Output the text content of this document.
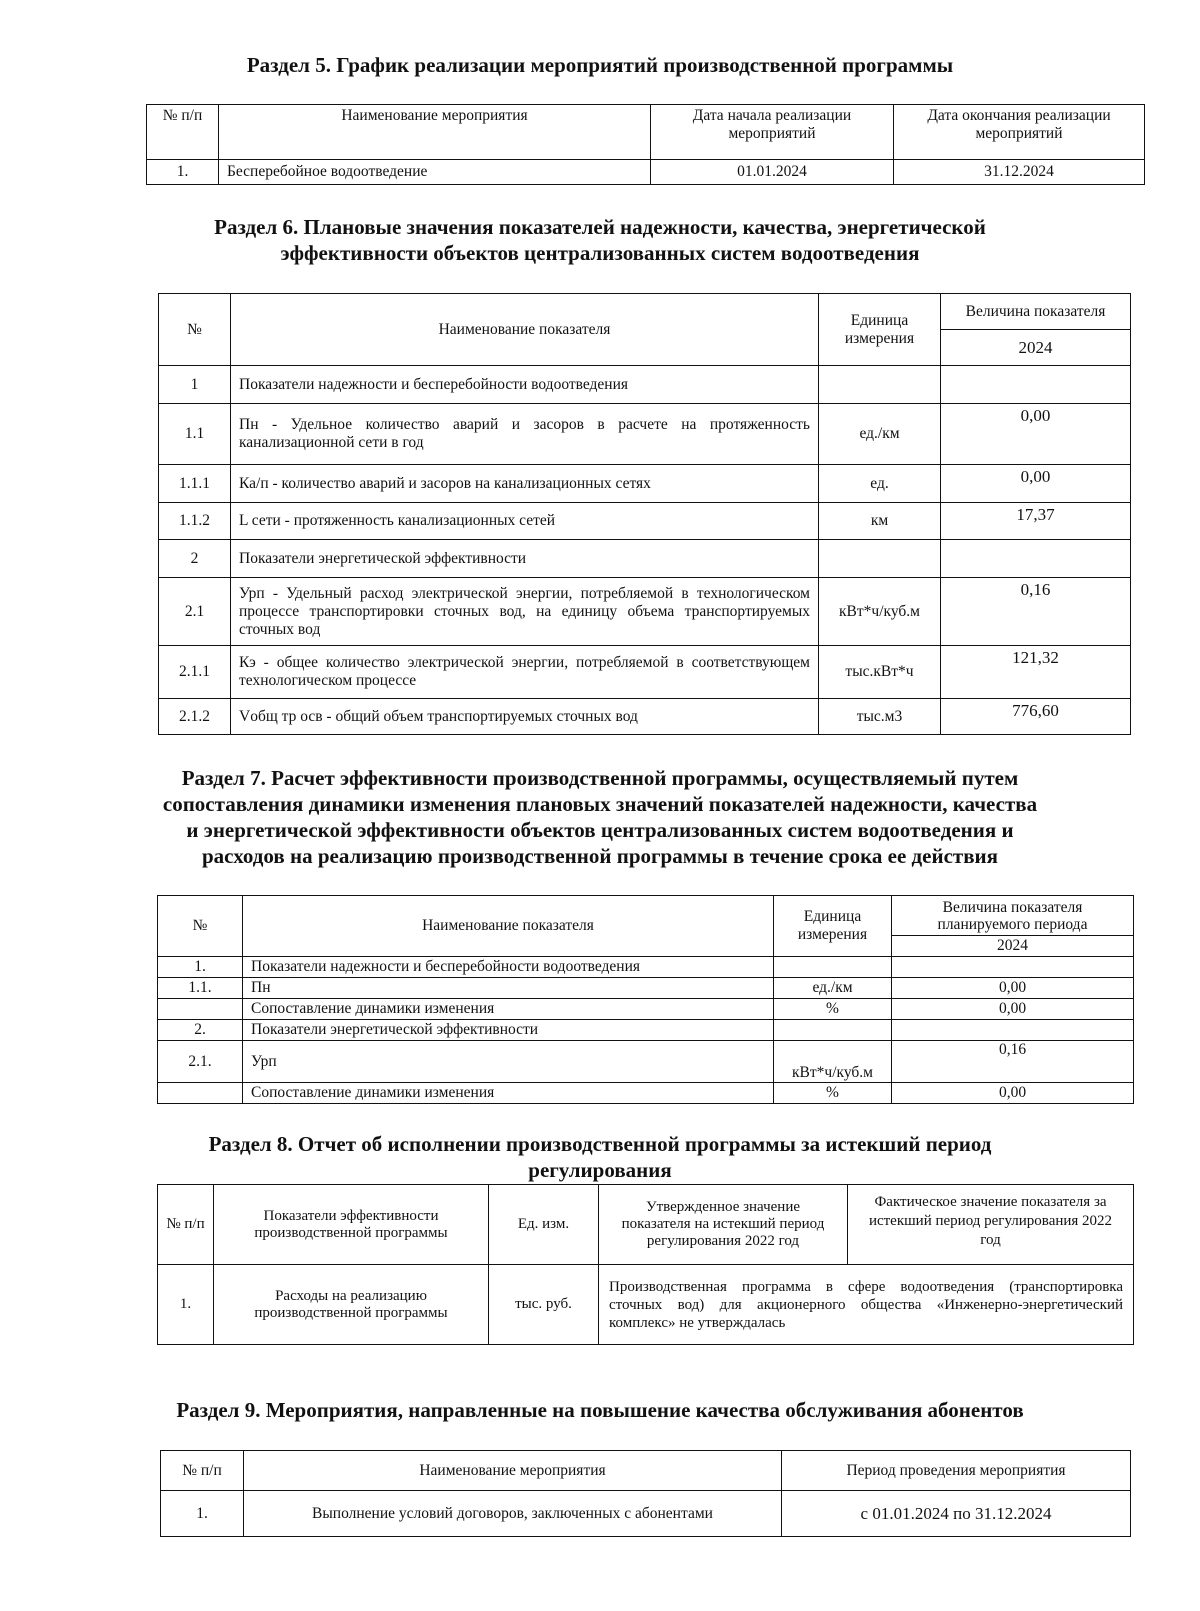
Раздел 5. График реализации мероприятий производственной программы
№ п/п	Наименование мероприятия	Дата начала реализации мероприятий	Дата окончания реализации мероприятий
1.	Бесперебойное водоотведение	01.01.2024	31.12.2024
Раздел 6. Плановые значения показателей надежности, качества, энергетической
эффективности объектов централизованных систем водоотведения
№	Наименование показателя	Единица измерения	Величина показателя
			2024
1	Показатели надежности и бесперебойности водоотведения		
1.1	Пн - Удельное количество аварий и засоров в расчете на протяженность канализационной сети в год	ед./км	0,00
1.1.1	Ка/п - количество аварий и засоров на канализационных сетях	ед.	0,00
1.1.2	L сети - протяженность канализационных сетей	км	17,37
2	Показатели энергетической эффективности		
2.1	Урп - Удельный расход электрической энергии, потребляемой в технологическом процессе транспортировки сточных вод, на единицу объема транспортируемых сточных вод	кВт*ч/куб.м	0,16
2.1.1	Кэ - общее количество электрической энергии, потребляемой в соответствующем технологическом процессе	тыс.кВт*ч	121,32
2.1.2	Vобщ тр осв - общий объем транспортируемых сточных вод	тыс.м3	776,60
Раздел 7. Расчет эффективности производственной программы, осуществляемый путем
сопоставления динамики изменения плановых значений показателей надежности, качества
и энергетической эффективности объектов централизованных систем водоотведения и
расходов на реализацию производственной программы в течение срока ее действия
№	Наименование показателя	Единица измерения	Величина показателя планируемого периода
			2024
1.	Показатели надежности и бесперебойности водоотведения		
1.1.	Пн	ед./км	0,00
	Сопоставление динамики изменения	%	0,00
2.	Показатели энергетической эффективности		
2.1.	Урп	кВт*ч/куб.м	0,16
	Сопоставление динамики изменения	%	0,00
Раздел 8. Отчет об исполнении производственной программы за истекший период
регулирования
№ п/п	Показатели эффективности производственной программы	Ед. изм.	Утвержденное значение показателя на истекший период регулирования 2022 год	Фактическое значение показателя за истекший период регулирования 2022 год
1.	Расходы на реализацию производственной программы	тыс. руб.	Производственная программа в сфере водоотведения (транспортировка сточных вод) для акционерного общества «Инженерно-энергетический комплекс» не утверждалась	
Раздел 9. Мероприятия, направленные на повышение качества обслуживания абонентов
№ п/п	Наименование мероприятия	Период проведения мероприятия
1.	Выполнение условий договоров, заключенных с абонентами	с 01.01.2024 по 31.12.2024
